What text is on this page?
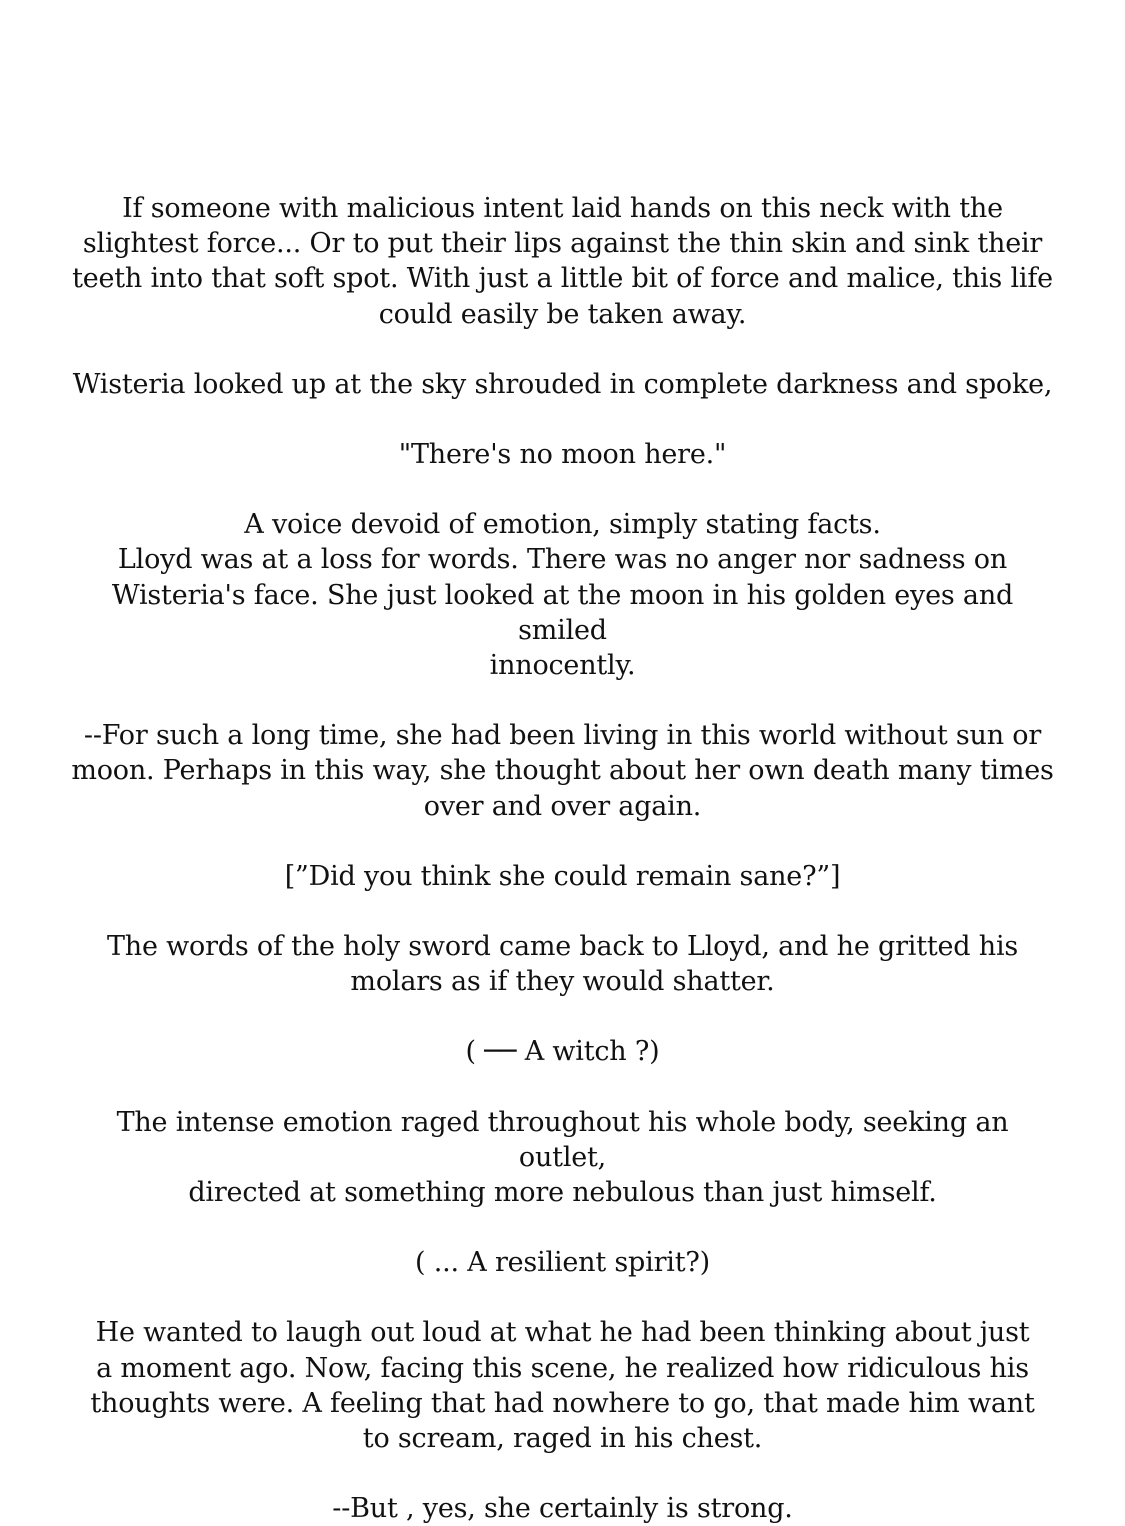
If someone with malicious intent laid hands on this neck with the
slightest force... Or to put their lips against the thin skin and sink their
teeth into that soft spot. With just a little bit of force and malice, this life
could easily be taken away.

Wisteria looked up at the sky shrouded in complete darkness and spoke,

"There's no moon here."

A voice devoid of emotion, simply stating facts.
Lloyd was at a loss for words. There was no anger nor sadness on
Wisteria's face. She just looked at the moon in his golden eyes and smiled
innocently.

--For such a long time, she had been living in this world without sun or
moon. Perhaps in this way, she thought about her own death many times
over and over again.

[”Did you think she could remain sane?”]

The words of the holy sword came back to Lloyd, and he gritted his
molars as if they would shatter.

( ── A witch ?)

The intense emotion raged throughout his whole body, seeking an outlet,
directed at something more nebulous than just himself.

( ... A resilient spirit?)

He wanted to laugh out loud at what he had been thinking about just
a moment ago. Now, facing this scene, he realized how ridiculous his
thoughts were. A feeling that had nowhere to go, that made him want
to scream, raged in his chest.

--But , yes, she certainly is strong.
